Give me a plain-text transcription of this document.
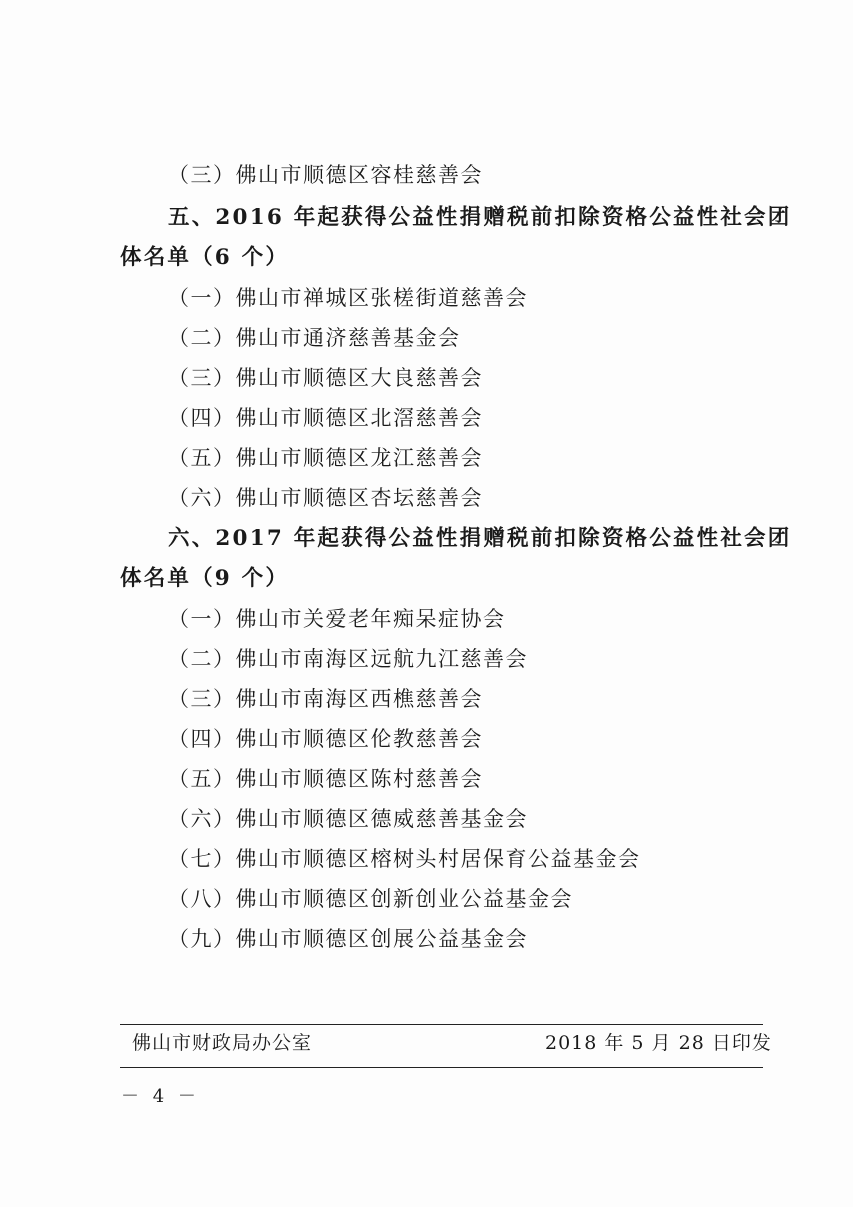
（三）佛山市顺德区容桂慈善会
五、2016 年起获得公益性捐赠税前扣除资格公益性社会团
体名单（6 个）
（一）佛山市禅城区张槎街道慈善会
（二）佛山市通济慈善基金会
（三）佛山市顺德区大良慈善会
（四）佛山市顺德区北滘慈善会
（五）佛山市顺德区龙江慈善会
（六）佛山市顺德区杏坛慈善会
六、2017 年起获得公益性捐赠税前扣除资格公益性社会团
体名单（9 个）
（一）佛山市关爱老年痴呆症协会
（二）佛山市南海区远航九江慈善会
（三）佛山市南海区西樵慈善会
（四）佛山市顺德区伦教慈善会
（五）佛山市顺德区陈村慈善会
（六）佛山市顺德区德威慈善基金会
（七）佛山市顺德区榕树头村居保育公益基金会
（八）佛山市顺德区创新创业公益基金会
（九）佛山市顺德区创展公益基金会
佛山市财政局办公室	2018 年 5 月 28 日印发
－ 4 －
